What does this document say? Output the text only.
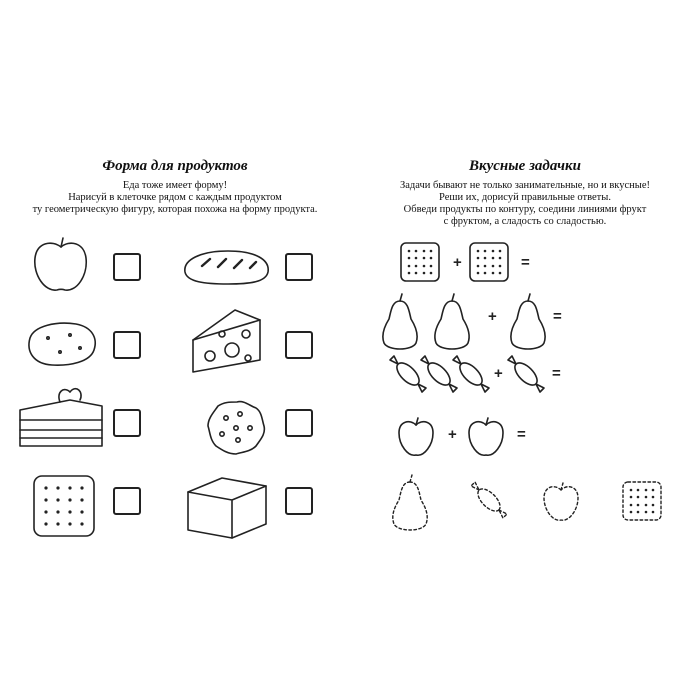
Форма для продуктов
Еда тоже имеет форму!
Нарисуй в клеточке рядом с каждым продуктом
ту геометрическую фигуру, которая похожа на форму продукта.
Вкусные задачки
Задачи бывают не только занимательные, но и вкусные!
Реши их, дорисуй правильные ответы.
Обведи продукты по контуру, соедини линиями фрукт
с фруктом, а сладость со сладостью.
+	=
+	=
+	=
+	=
